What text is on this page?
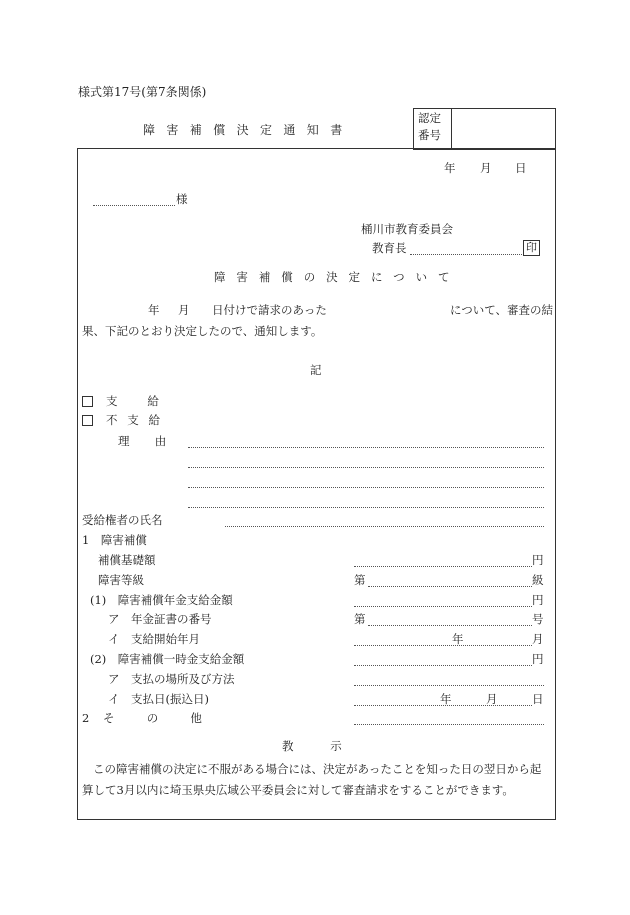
様式第17号(第7条関係)
障害補償決定通知書
認定
番号
年 月 日
様
桶川市教育委員会
教育長	印
障害補償の決定について
年 月 日付けで請求のあった	について、審査の結
果、下記のとおり決定したので、通知します。
記
支給
不支給
理由
受給権者の氏名
1　障害補償
補償基礎額	円
障害等級	第	級
(1)　障害補償年金支給金額	円
ア　年金証書の番号	第	号
イ　支給開始年月	年	月
(2)　障害補償一時金支給金額	円
ア　支払の場所及び方法
イ　支払日(振込日)	年	月	日
2 その他
教示
この障害補償の決定に不服がある場合には、決定があったことを知った日の翌日から起
算して3月以内に埼玉県央広域公平委員会に対して審査請求をすることができます。
